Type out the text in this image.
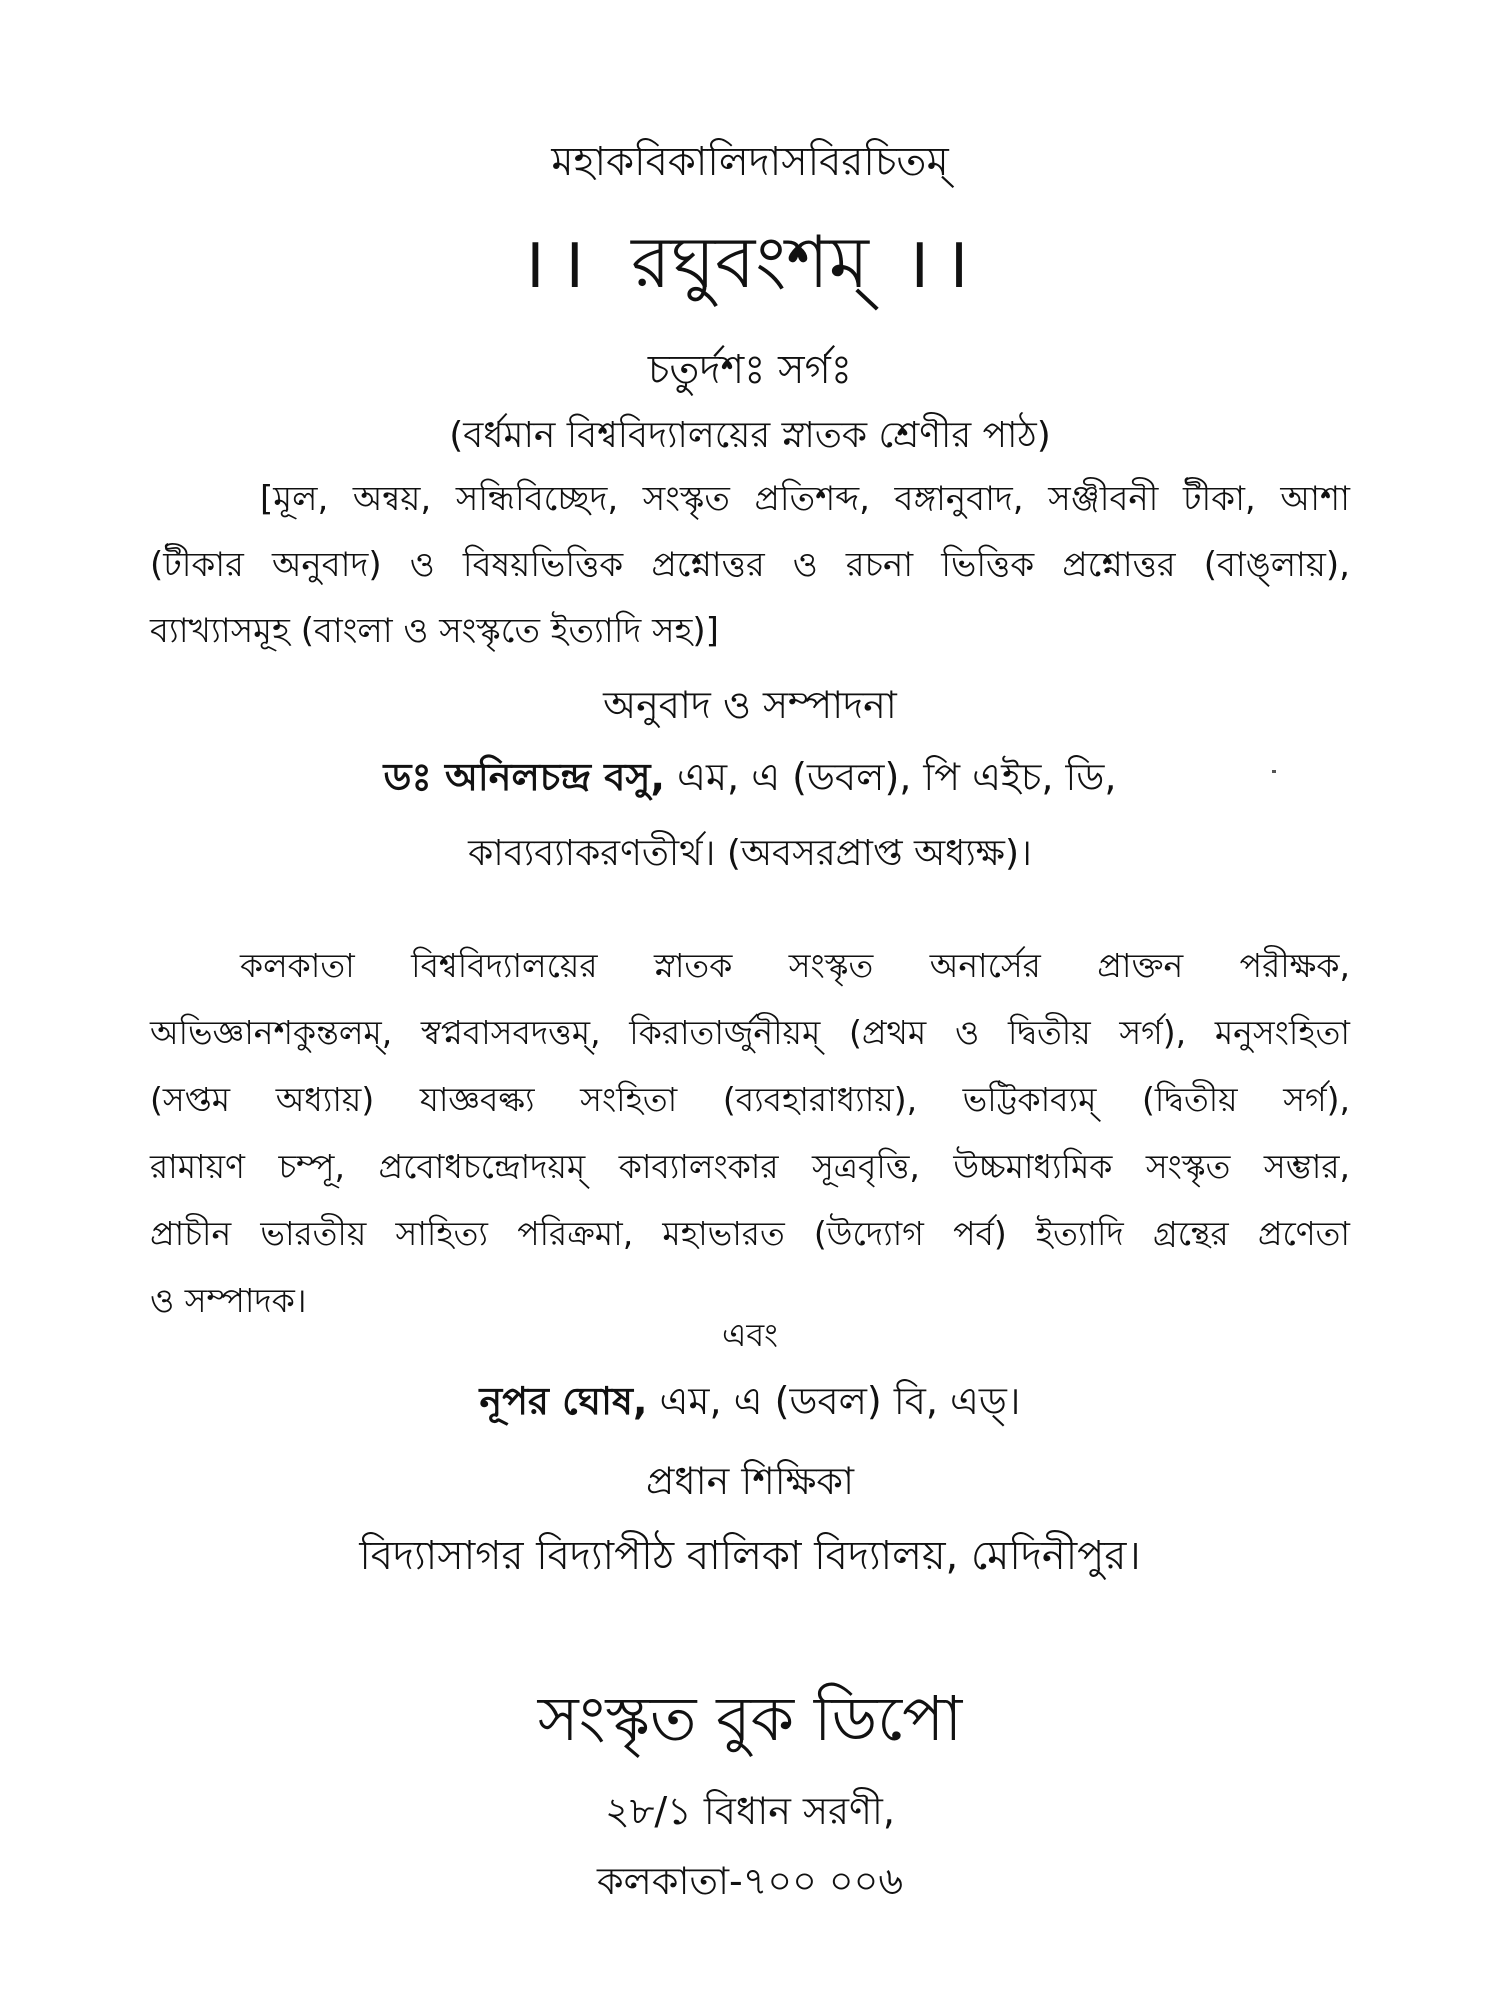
মহাকবিকালিদাসবিরচিতম্
।। রঘুবংশম্ ।।
চতুর্দশঃ সর্গঃ
(বর্ধমান বিশ্ববিদ্যালয়ের স্নাতক শ্রেণীর পাঠ)
[মূল, অন্বয়, সন্ধিবিচ্ছেদ, সংস্কৃত প্রতিশব্দ, বঙ্গানুবাদ, সঞ্জীবনী টীকা, আশা
(টীকার অনুবাদ) ও বিষয়ভিত্তিক প্রশ্নোত্তর ও রচনা ভিত্তিক প্রশ্নোত্তর (বাঙ্‌লায়),
ব্যাখ্যাসমূহ (বাংলা ও সংস্কৃতে ইত্যাদি সহ)]
অনুবাদ ও সম্পাদনা
ডঃ অনিলচন্দ্র বসু, এম, এ (ডবল), পি এইচ, ডি,
কাব্যব্যাকরণতীর্থ। (অবসরপ্রাপ্ত অধ্যক্ষ)।
কলকাতা বিশ্ববিদ্যালয়ের স্নাতক সংস্কৃত অনার্সের প্রাক্তন পরীক্ষক,
অভিজ্ঞানশকুন্তলম্, স্বপ্নবাসবদত্তম্, কিরাতার্জুনীয়ম্ (প্রথম ও দ্বিতীয় সর্গ), মনুসংহিতা
(সপ্তম অধ্যায়) যাজ্ঞবল্ক্য সংহিতা (ব্যবহারাধ্যায়), ভট্টিকাব্যম্ (দ্বিতীয় সর্গ),
রামায়ণ চম্পূ, প্রবোধচন্দ্রোদয়ম্ কাব্যালংকার সূত্রবৃত্তি, উচ্চমাধ্যমিক সংস্কৃত সম্ভার,
প্রাচীন ভারতীয় সাহিত্য পরিক্রমা, মহাভারত (উদ্যোগ পর্ব) ইত্যাদি গ্রন্থের প্রণেতা
ও সম্পাদক।
এবং
নূপর ঘোষ, এম, এ (ডবল) বি, এড্।
প্রধান শিক্ষিকা
বিদ্যাসাগর বিদ্যাপীঠ বালিকা বিদ্যালয়, মেদিনীপুর।
সংস্কৃত বুক ডিপো
২৮/১ বিধান সরণী,
কলকাতা-৭০০ ০০৬
